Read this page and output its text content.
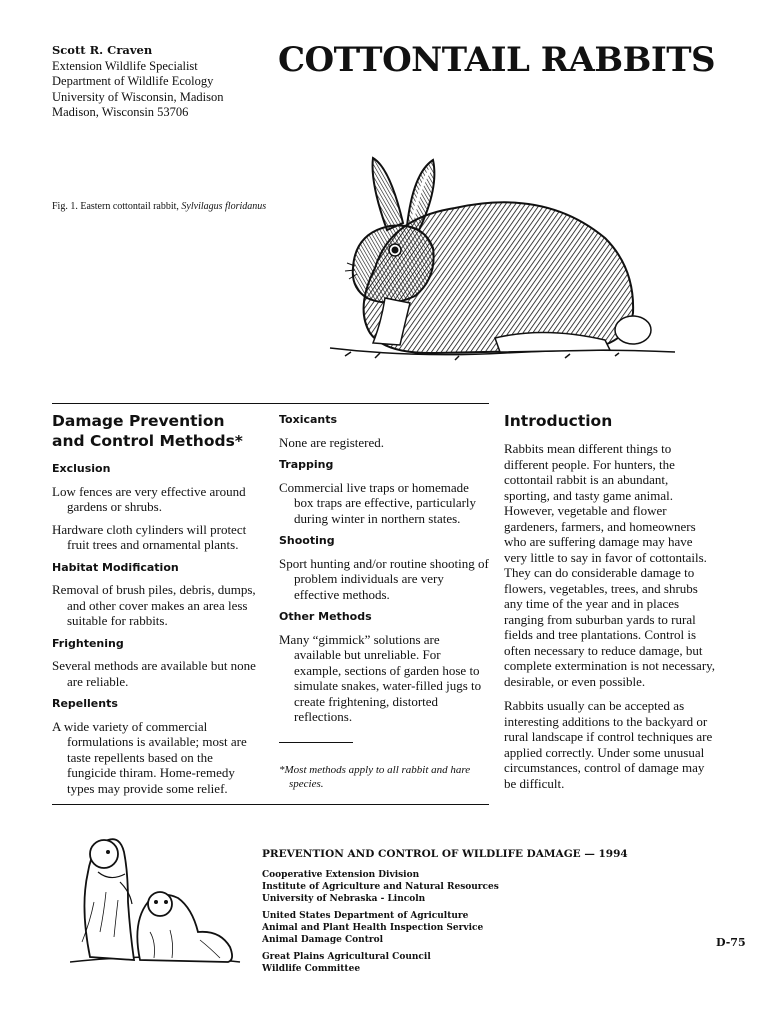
Scott R. Craven
Extension Wildlife Specialist
Department of Wildlife Ecology
University of Wisconsin, Madison
Madison, Wisconsin 53706
COTTONTAIL RABBITS
Fig. 1. Eastern cottontail rabbit, Sylvilagus floridanus
Damage Prevention and Control Methods*
Exclusion

Low fences are very effective around gardens or shrubs.

Hardware cloth cylinders will protect fruit trees and ornamental plants.

Habitat Modification

Removal of brush piles, debris, dumps, and other cover makes an area less suitable for rabbits.

Frightening

Several methods are available but none are reliable.

Repellents

A wide variety of commercial formulations is available; most are taste repellents based on the fungicide thiram. Home-remedy types may provide some relief.

Toxicants

None are registered.

Trapping

Commercial live traps or homemade box traps are effective, particularly during winter in northern states.

Shooting

Sport hunting and/or routine shooting of problem individuals are very effective methods.

Other Methods

Many “gimmick” solutions are available but unreliable. For example, sections of garden hose to simulate snakes, water-filled jugs to create frightening, distorted reflections.

*Most methods apply to all rabbit and hare species.
Introduction

Rabbits mean different things to different people. For hunters, the cottontail rabbit is an abundant, sporting, and tasty game animal. However, vegetable and flower gardeners, farmers, and homeowners who are suffering damage may have very little to say in favor of cottontails. They can do considerable damage to flowers, vegetables, trees, and shrubs any time of the year and in places ranging from suburban yards to rural fields and tree plantations. Control is often necessary to reduce damage, but complete extermination is not necessary, desirable, or even possible.

Rabbits usually can be accepted as interesting additions to the backyard or rural landscape if control techniques are applied correctly. Under some unusual circumstances, control of damage may be difficult.

PREVENTION AND CONTROL OF WILDLIFE DAMAGE — 1994
Cooperative Extension Division
Institute of Agriculture and Natural Resources
University of Nebraska - Lincoln
United States Department of Agriculture
Animal and Plant Health Inspection Service
Animal Damage Control
Great Plains Agricultural Council
Wildlife Committee
D-75
